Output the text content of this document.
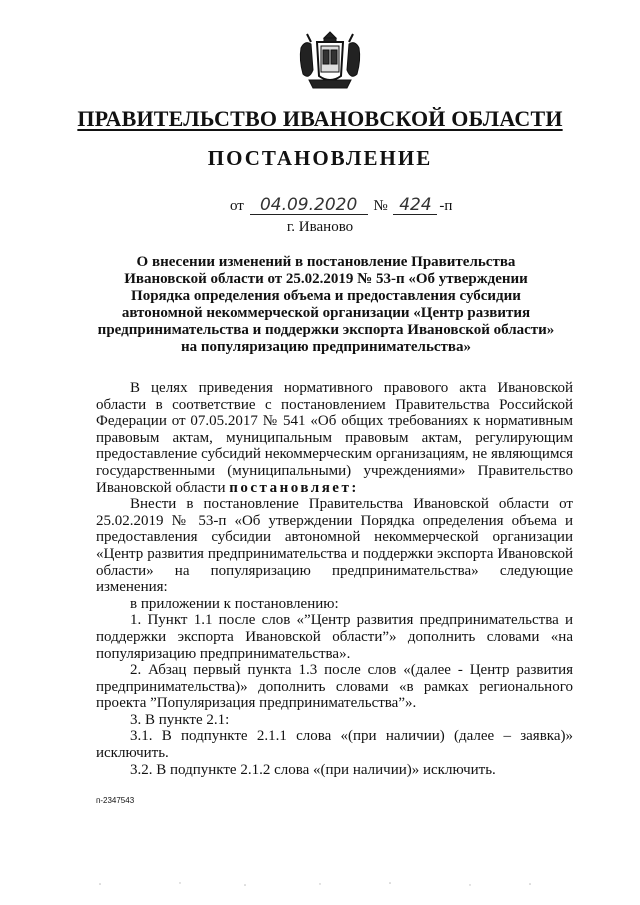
ПРАВИТЕЛЬСТВО ИВАНОВСКОЙ ОБЛАСТИ
ПОСТАНОВЛЕНИЕ
от 04.09.2020 № 424 -п
г. Иваново
О внесении изменений в постановление Правительства Ивановской области от 25.02.2019 № 53-п «Об утверждении Порядка определения объема и предоставления субсидии автономной некоммерческой организации «Центр развития предпринимательства и поддержки экспорта Ивановской области» на популяризацию предпринимательства»

В целях приведения нормативного правового акта Ивановской области в соответствие с постановлением Правительства Российской Федерации от 07.05.2017 № 541 «Об общих требованиях к нормативным правовым актам, муниципальным правовым актам, регулирующим предоставление субсидий некоммерческим организациям, не являющимся государственными (муниципальными) учреждениями» Правительство Ивановской области постановляет:

Внести в постановление Правительства Ивановской области от 25.02.2019 № 53-п «Об утверждении Порядка определения объема и предоставления субсидии автономной некоммерческой организации «Центр развития предпринимательства и поддержки экспорта Ивановской области» на популяризацию предпринимательства» следующие изменения:

в приложении к постановлению:

1. Пункт 1.1 после слов «”Центр развития предпринимательства и поддержки экспорта Ивановской области”» дополнить словами «на популяризацию предпринимательства».

2. Абзац первый пункта 1.3 после слов «(далее - Центр развития предпринимательства)» дополнить словами «в рамках регионального проекта ”Популяризация предпринимательства”».

3. В пункте 2.1:

3.1. В подпункте 2.1.1 слова «(при наличии) (далее – заявка)» исключить.

3.2. В подпункте 2.1.2 слова «(при наличии)» исключить.

п-2347543
